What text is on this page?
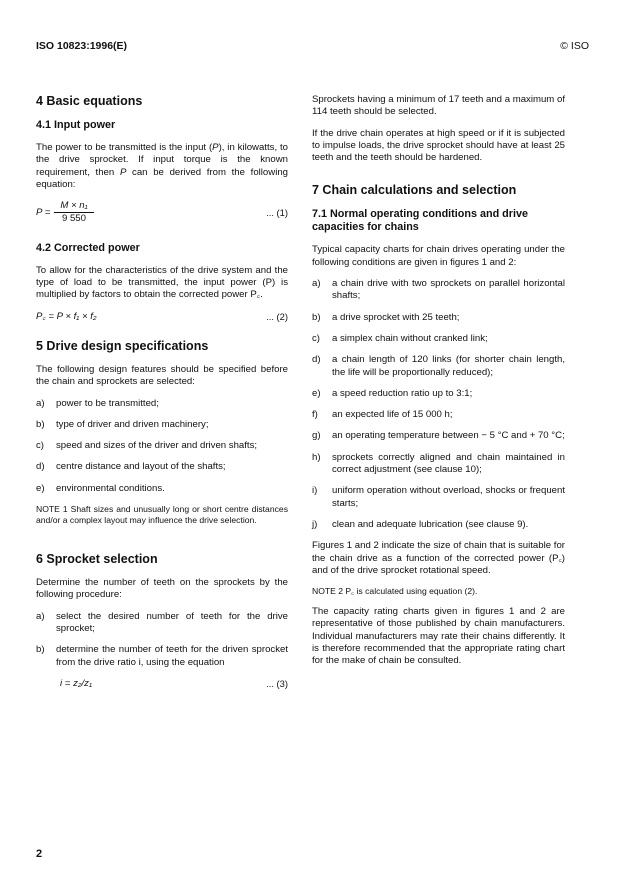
ISO 10823:1996(E)	© ISO
4 Basic equations
4.1 Input power

The power to be transmitted is the input (P), in kilowatts, to the drive sprocket. If input torque is the known requirement, then P can be derived from the following equation:

$P = \frac{\text{M × n₁}}{9 550}$	... (1)
4.2 Corrected power

To allow for the characteristics of the drive system and the type of load to be transmitted, the input power (P) is multiplied by factors to obtain the corrected power P꜀.

P꜀ = P × f₁ × f₂	... (2)
5 Drive design specifications

The following design features should be specified before the chain and sprockets are selected:

a)	power to be transmitted;
b)	type of driver and driven machinery;
c)	speed and sizes of the driver and driven shafts;
d)	centre distance and layout of the shafts;
e)	environmental conditions.

NOTE 1 Shaft sizes and unusually long or short centre distances and/or a complex layout may influence the drive selection.

6 Sprocket selection

Determine the number of teeth on the sprockets by the following procedure:

a)	select the desired number of teeth for the drive sprocket;
b)	determine the number of teeth for the driven sprocket from the drive ratio i, using the equation
i = z₂/z₁	... (3)

Sprockets having a minimum of 17 teeth and a maximum of 114 teeth should be selected.

If the drive chain operates at high speed or if it is subjected to impulse loads, the drive sprocket should have at least 25 teeth and the teeth should be hardened.

7 Chain calculations and selection
7.1 Normal operating conditions and drive capacities for chains

Typical capacity charts for chain drives operating under the following conditions are given in figures 1 and 2:

a)	a chain drive with two sprockets on parallel horizontal shafts;
b)	a drive sprocket with 25 teeth;
c)	a simplex chain without cranked link;
d)	a chain length of 120 links (for shorter chain length, the life will be proportionally reduced);
e)	a speed reduction ratio up to 3:1;
f)	an expected life of 15 000 h;
g)	an operating temperature between − 5 °C and + 70 °C;
h)	sprockets correctly aligned and chain maintained in correct adjustment (see clause 10);
i)	uniform operation without overload, shocks or frequent starts;
j)	clean and adequate lubrication (see clause 9).

Figures 1 and 2 indicate the size of chain that is suitable for the chain drive as a function of the corrected power (P꜀) and of the drive sprocket rotational speed.

NOTE 2 P꜀ is calculated using equation (2).

The capacity rating charts given in figures 1 and 2 are representative of those published by chain manufacturers. Individual manufacturers may rate their chains differently. It is therefore recommended that the appropriate rating chart for the make of chain be consulted.

2
